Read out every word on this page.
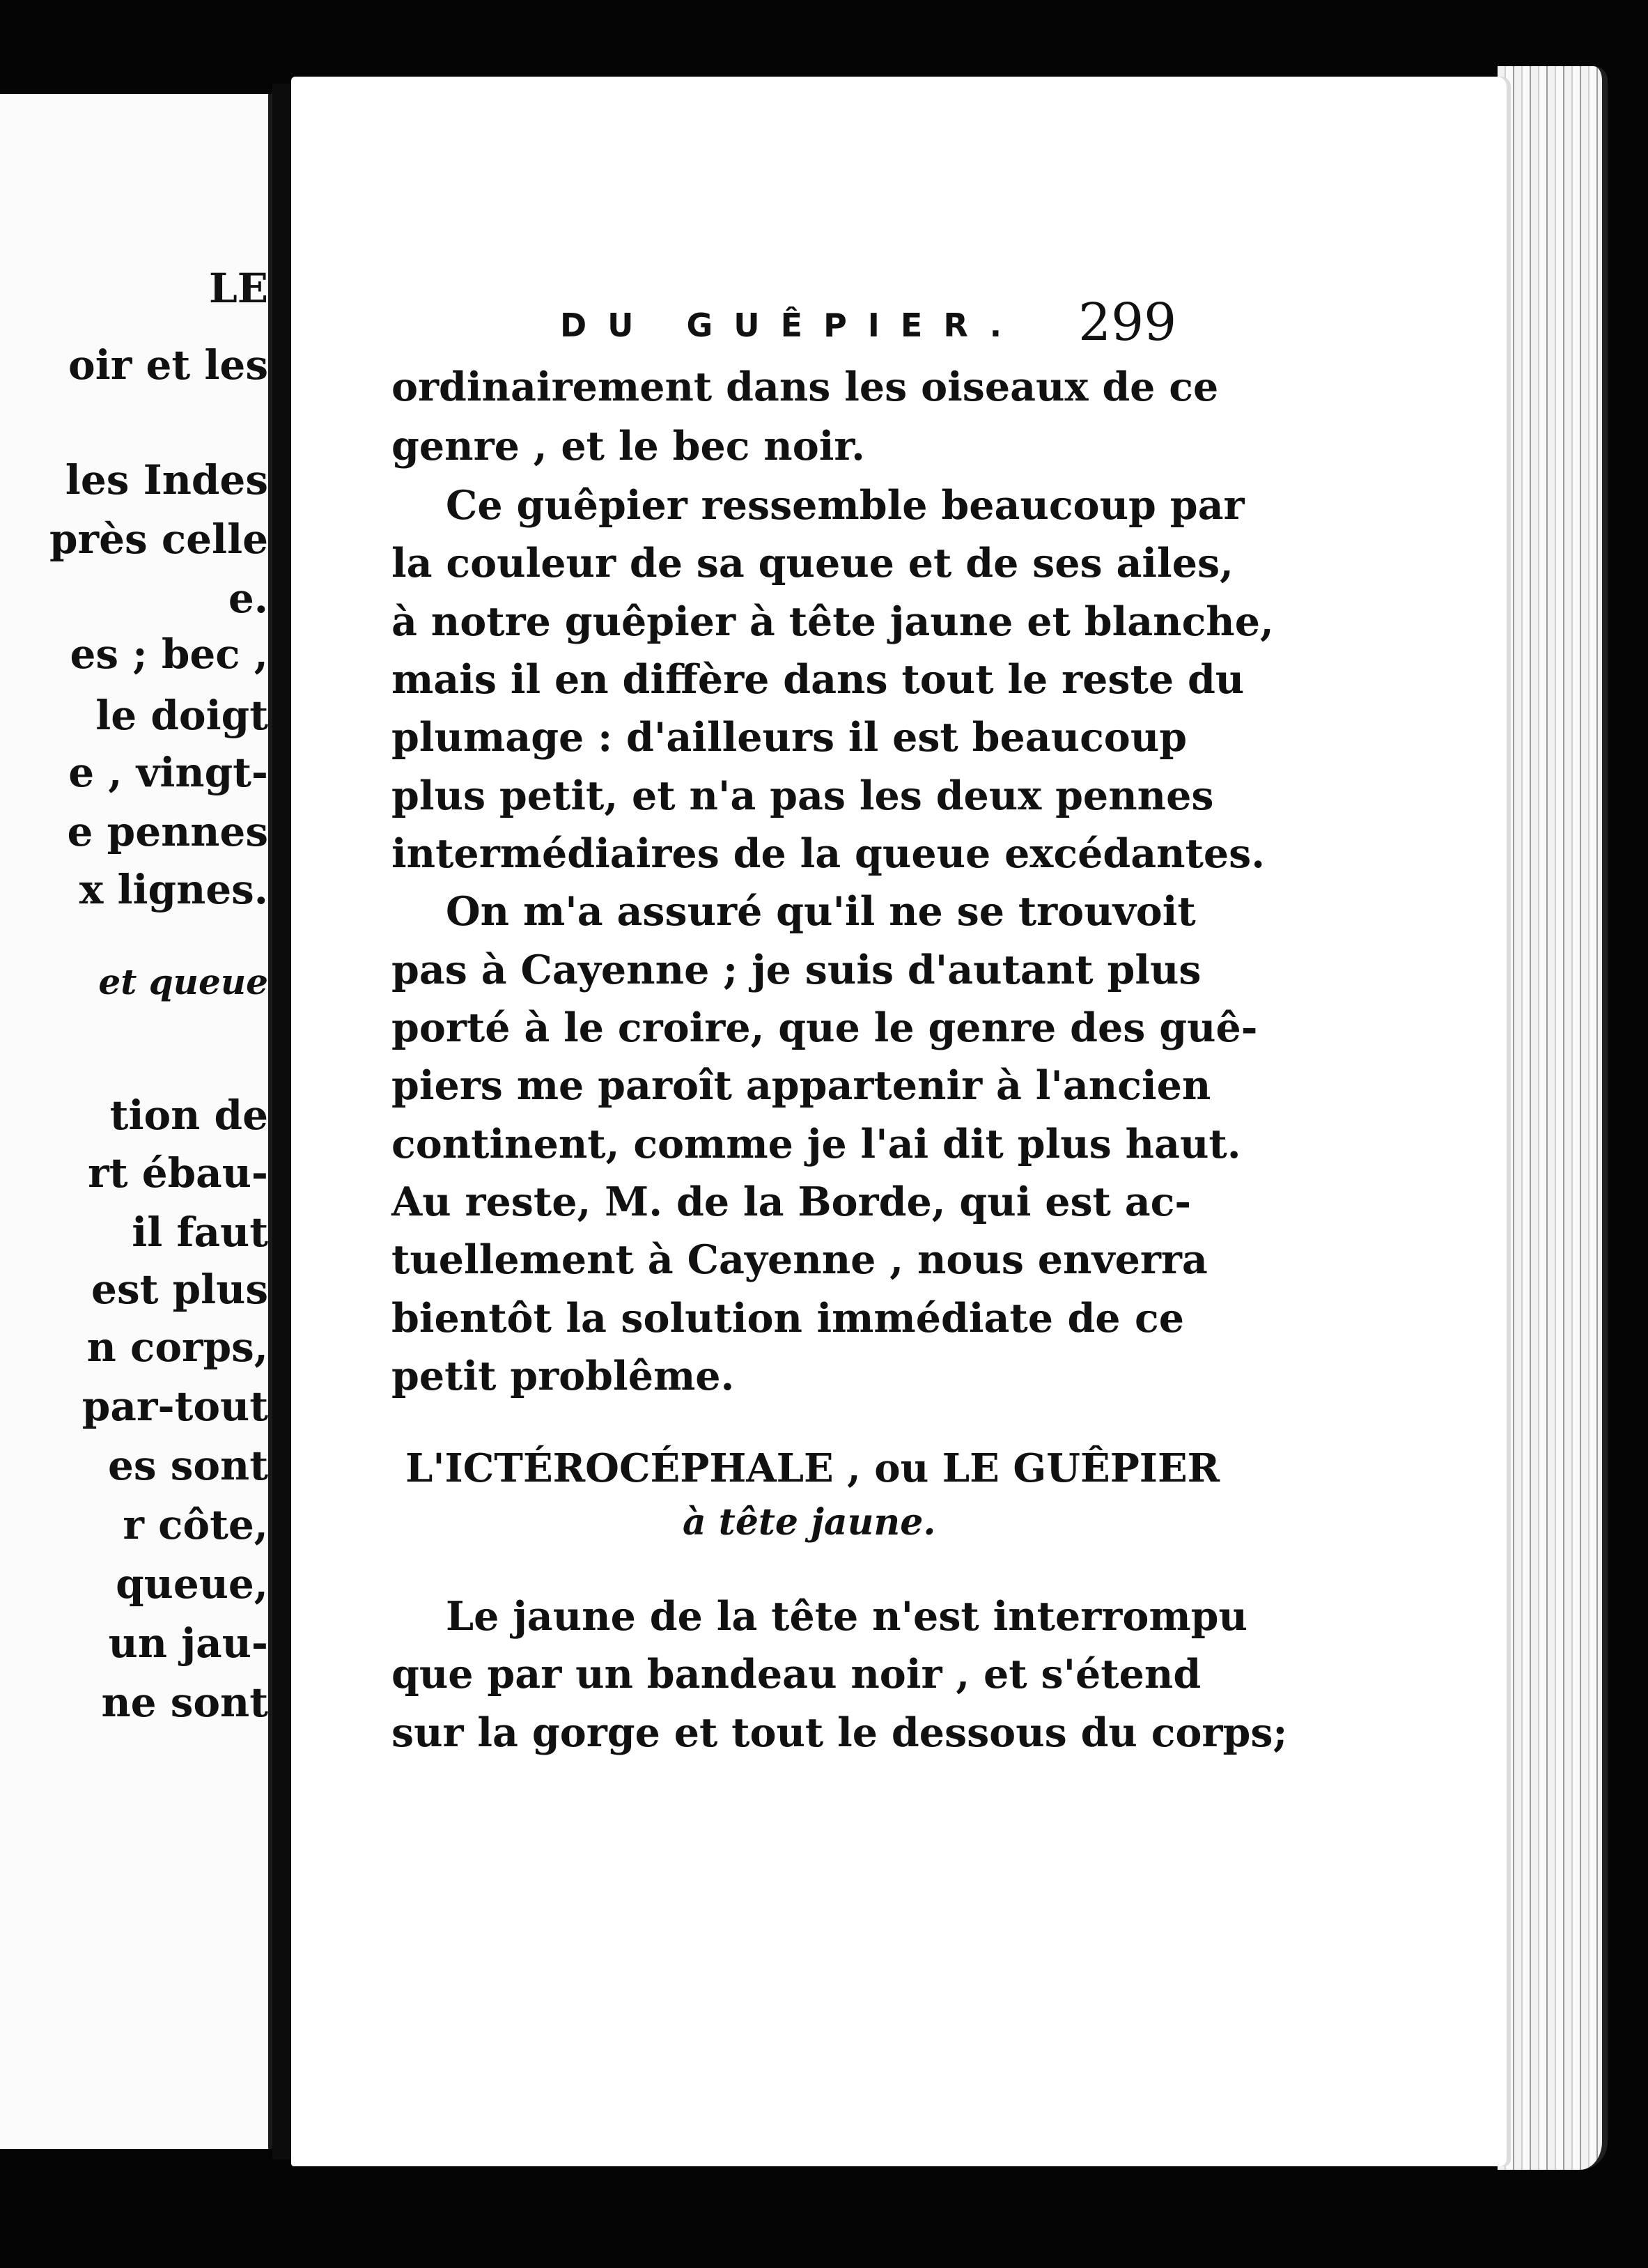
LE
oir et les
les Indes
près celle
e.
es ; bec ,
le doigt
e , vingt-
e pennes
x lignes.
et queue
tion de
rt ébau-
il faut
est plus
n corps,
par-tout
es sont
r côte,
queue,
un jau-
ne sont
DU GUÊPIER. 299
ordinairement dans les oiseaux de ce
genre , et le bec noir.
Ce guêpier ressemble beaucoup par
la couleur de sa queue et de ses ailes,
à notre guêpier à tête jaune et blanche,
mais il en diffère dans tout le reste du
plumage : d'ailleurs il est beaucoup
plus petit, et n'a pas les deux pennes
intermédiaires de la queue excédantes.
On m'a assuré qu'il ne se trouvoit
pas à Cayenne ; je suis d'autant plus
porté à le croire, que le genre des guê-
piers me paroît appartenir à l'ancien
continent, comme je l'ai dit plus haut.
Au reste, M. de la Borde, qui est ac-
tuellement à Cayenne , nous enverra
bientôt la solution immédiate de ce
petit problême.
L'ICTÉROCÉPHALE , ou LE GUÊPIER
à tête jaune.
Le jaune de la tête n'est interrompu
que par un bandeau noir , et s'étend
sur la gorge et tout le dessous du corps;
